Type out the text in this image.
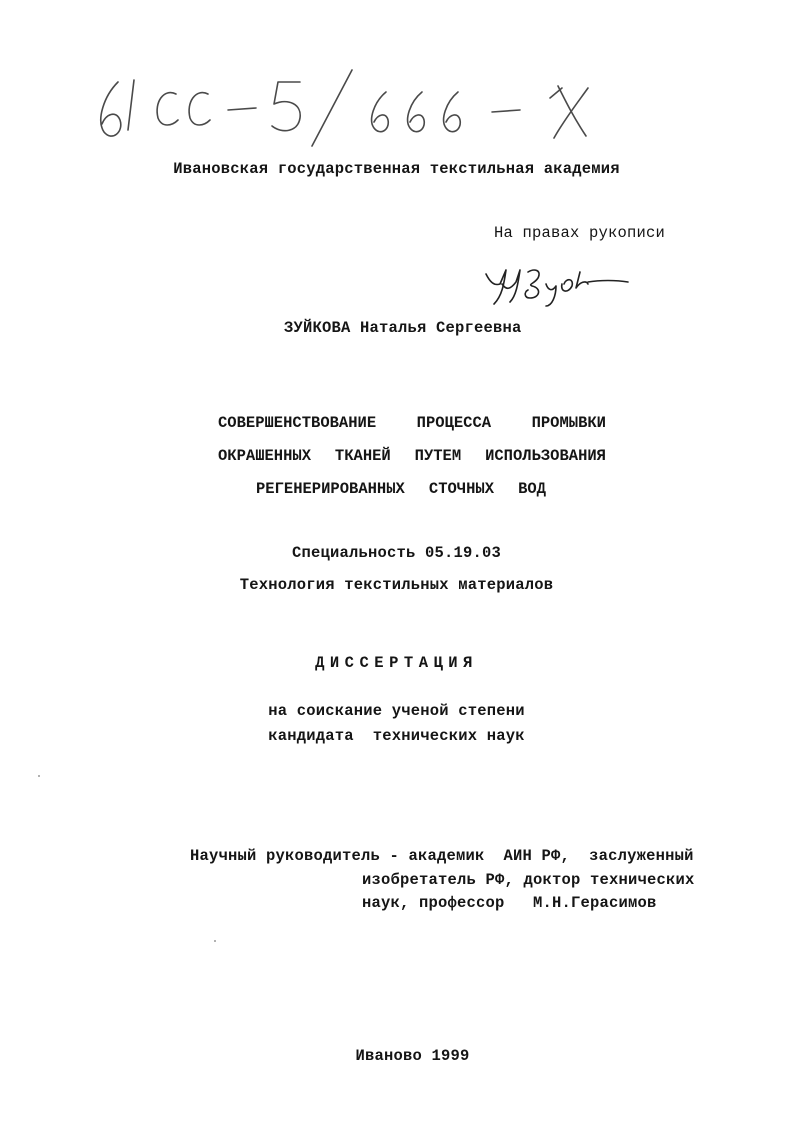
Ивановская государственная текстильная академия
На правах рукописи
ЗУЙКОВА Наталья Сергеевна
СОВЕРШЕНСТВОВАНИЕ	ПРОЦЕССА	ПРОМЫВКИ
ОКРАШЕННЫХ ТКАНЕЙ ПУТЕМ ИСПОЛЬЗОВАНИЯ
РЕГЕНЕРИРОВАННЫХ СТОЧНЫХ ВОД
Специальность 05.19.03
Технология текстильных материалов
ДИССЕРТАЦИЯ
на соискание ученой степени
кандидата  технических наук
Научный руководитель - академик  АИН РФ,  заслуженный
изобретатель РФ, доктор технических
наук, профессор   М.Н.Герасимов
Иваново 1999
